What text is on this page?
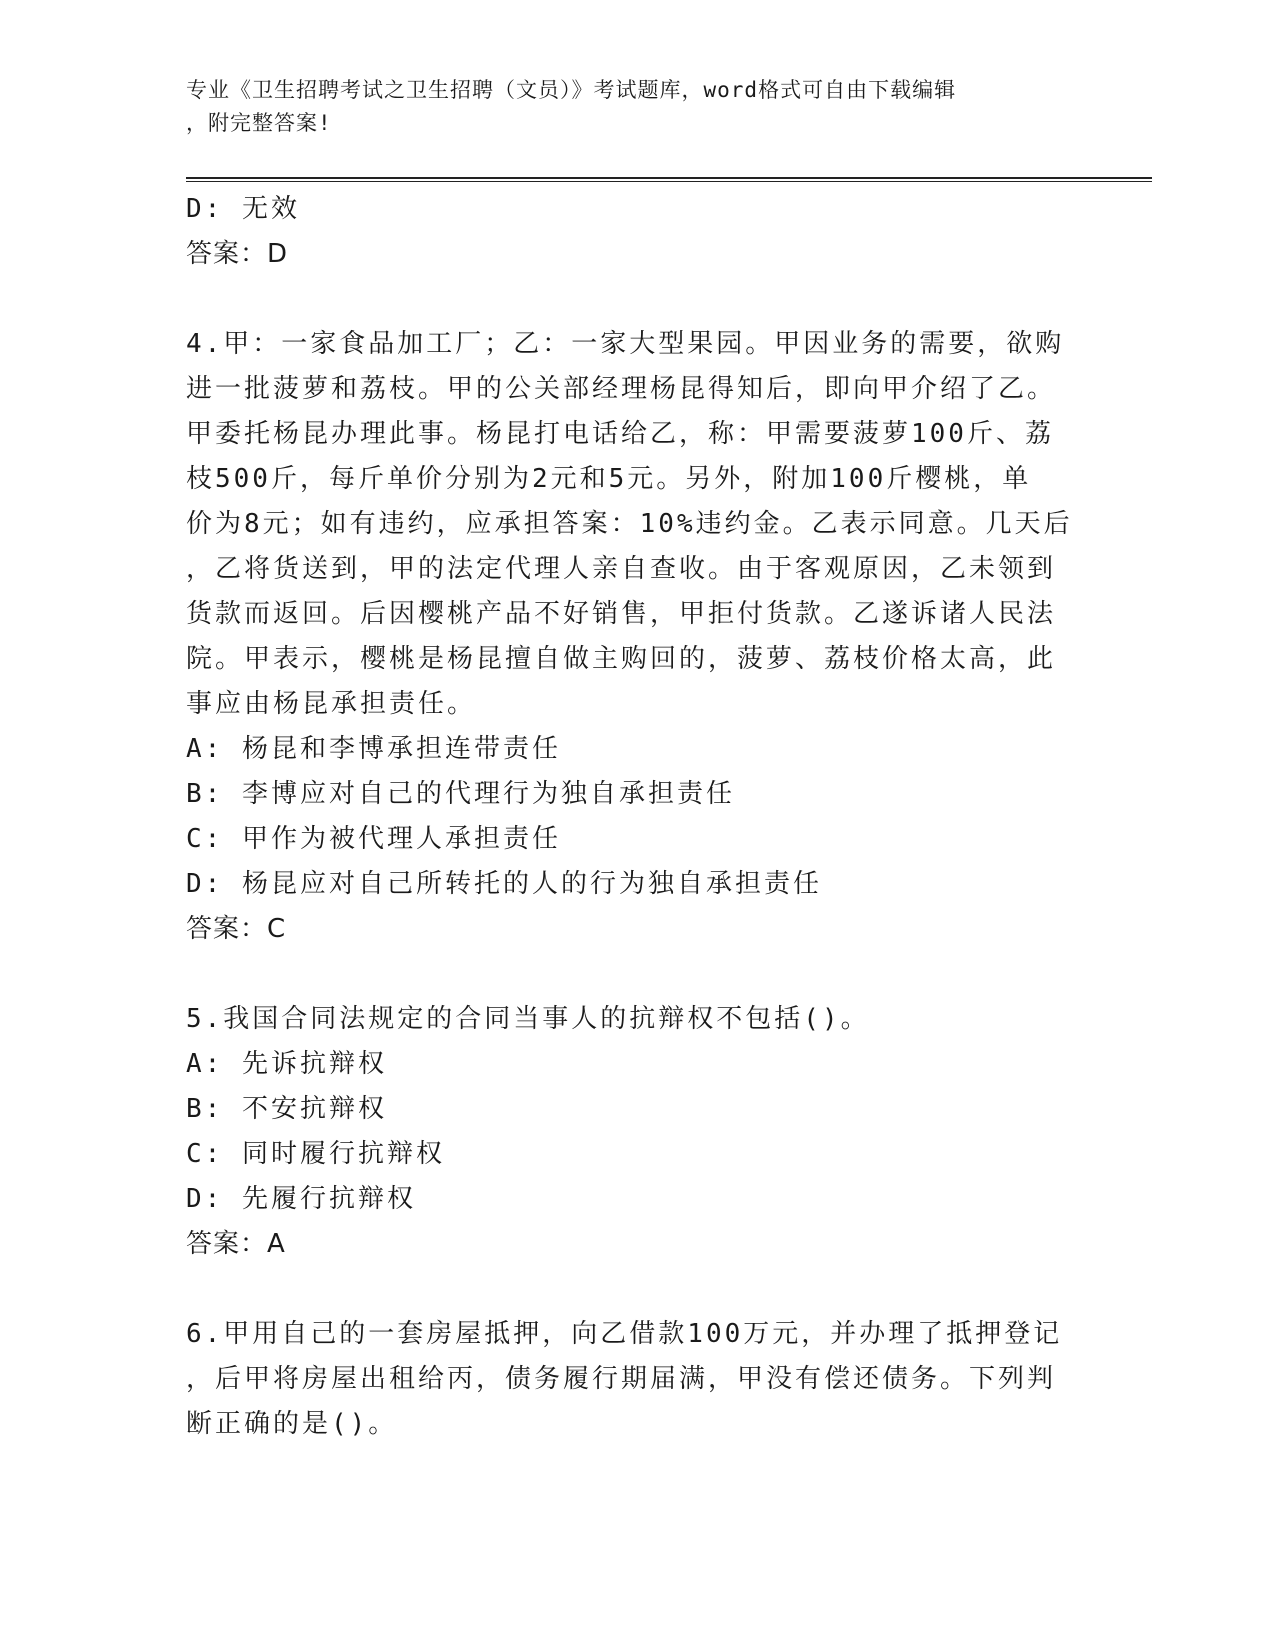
专业《卫生招聘考试之卫生招聘（文员）》考试题库，word格式可自由下载编辑
，附完整答案!
D: 无效
答案：D
4.甲：一家食品加工厂；乙：一家大型果园。甲因业务的需要，欲购
进一批菠萝和荔枝。甲的公关部经理杨昆得知后，即向甲介绍了乙。
甲委托杨昆办理此事。杨昆打电话给乙，称：甲需要菠萝100斤、荔
枝500斤，每斤单价分别为2元和5元。另外，附加100斤樱桃，单
价为8元；如有违约，应承担答案：10%违约金。乙表示同意。几天后
，乙将货送到，甲的法定代理人亲自查收。由于客观原因，乙未领到
货款而返回。后因樱桃产品不好销售，甲拒付货款。乙遂诉诸人民法
院。甲表示，樱桃是杨昆擅自做主购回的，菠萝、荔枝价格太高，此
事应由杨昆承担责任。
A: 杨昆和李博承担连带责任
B: 李博应对自己的代理行为独自承担责任
C: 甲作为被代理人承担责任
D: 杨昆应对自己所转托的人的行为独自承担责任
答案：C
5.我国合同法规定的合同当事人的抗辩权不包括()。
A: 先诉抗辩权
B: 不安抗辩权
C: 同时履行抗辩权
D: 先履行抗辩权
答案：A
6.甲用自己的一套房屋抵押，向乙借款100万元，并办理了抵押登记
，后甲将房屋出租给丙，债务履行期届满，甲没有偿还债务。下列判
断正确的是()。
